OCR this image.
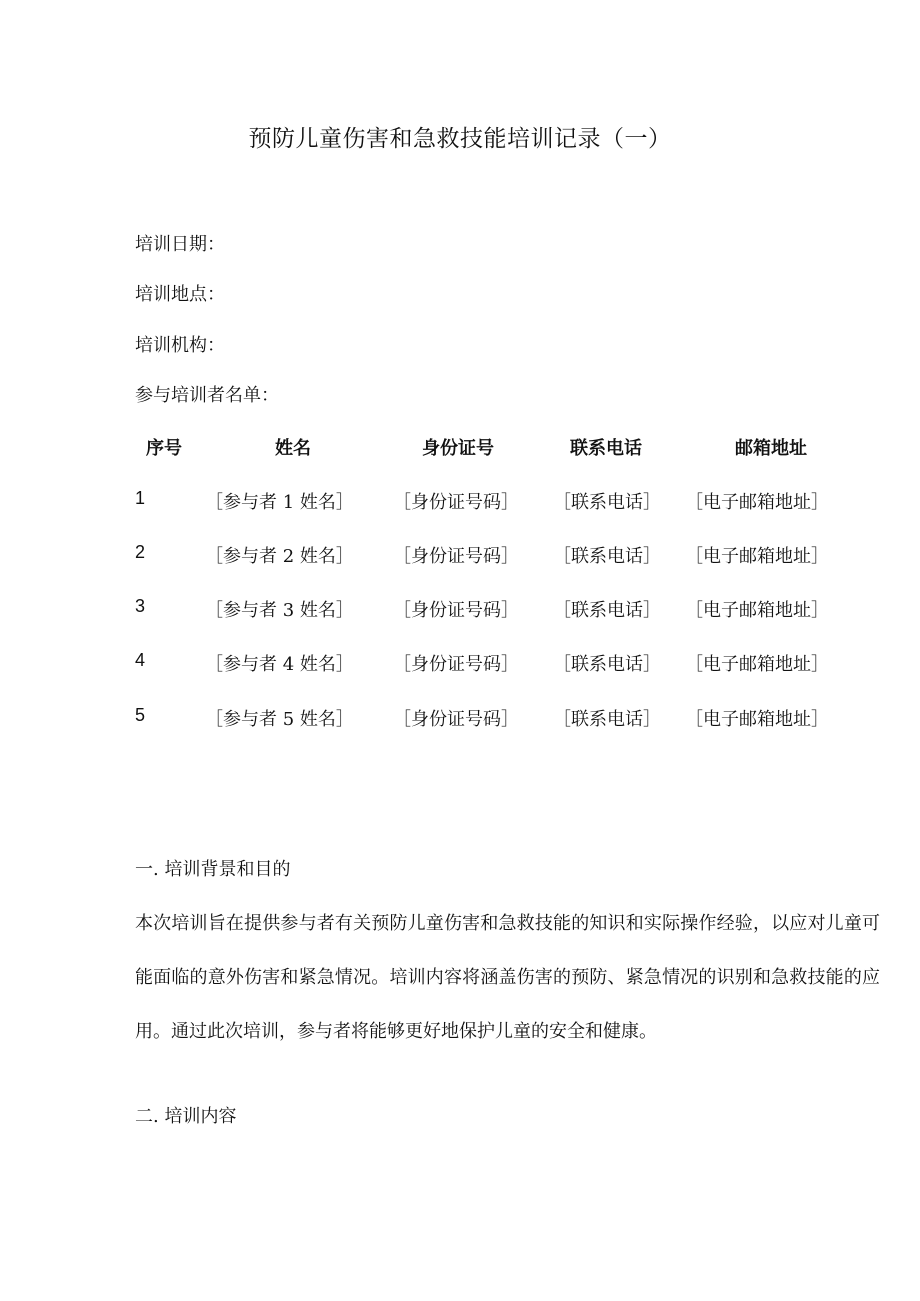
预防儿童伤害和急救技能培训记录（一）

培训日期：

培训地点：

培训机构：

参与培训者名单：

序号	姓名	身份证号	联系电话	邮箱地址
1	［参与者 1 姓名］ ［身份证号码］ ［联系电话］ ［电子邮箱地址］
2	［参与者 2 姓名］ ［身份证号码］ ［联系电话］ ［电子邮箱地址］
3	［参与者 3 姓名］ ［身份证号码］ ［联系电话］ ［电子邮箱地址］
4	［参与者 4 姓名］ ［身份证号码］ ［联系电话］ ［电子邮箱地址］
5	［参与者 5 姓名］ ［身份证号码］ ［联系电话］ ［电子邮箱地址］
一. 培训背景和目的

本次培训旨在提供参与者有关预防儿童伤害和急救技能的知识和实际操作经验，以应对儿童可能面临的意外伤害和紧急情况。培训内容将涵盖伤害的预防、紧急情况的识别和急救技能的应用。通过此次培训，参与者将能够更好地保护儿童的安全和健康。

二. 培训内容
